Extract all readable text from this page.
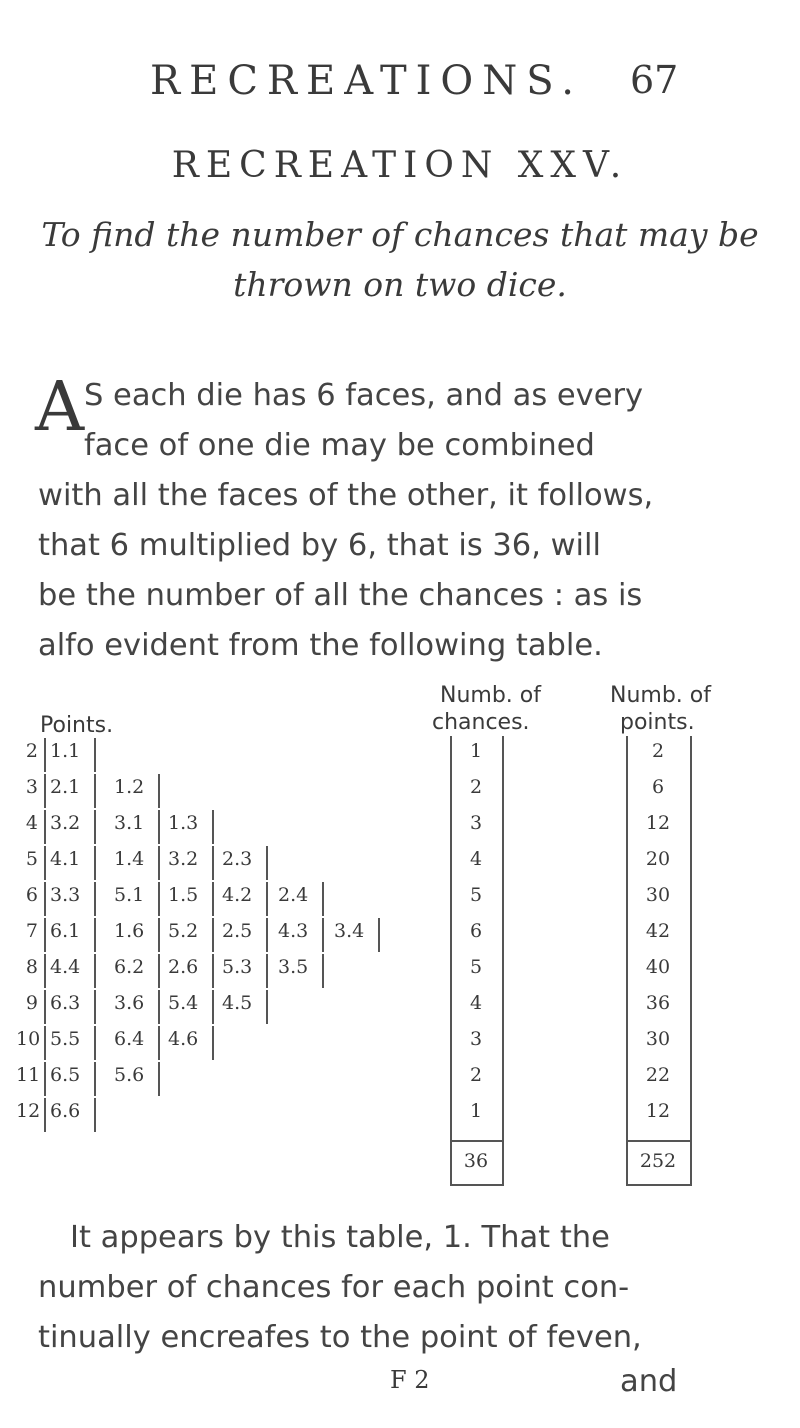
RECREATIONS. 67
RECREATION XXV.
To find the number of chances that may be thrown on two dice.
A S each die has 6 faces, and as every
face of one die may be combined
with all the faces of the other, it follows,
that 6 multiplied by 6, that is 36, will
be the number of all the chances : as is
alfo evident from the following table.
Points.
Numb. of
chances.
Numb. of
points.
2 1.1	1	2
3 2.1 1.2	2	6
4 3.2 3.1 1.3	3	12
5 4.1 1.4 3.2 2.3	4	20
6 3.3 5.1 1.5 4.2 2.4	5	30
7 6.1 1.6 5.2 2.5 4.3 3.4	6	42
8 4.4 6.2 2.6 5.3 3.5	5	40
9 6.3 3.6 5.4 4.5	4	36
10 5.5 6.4 4.6	3	30
11 6.5 5.6	2	22
12 6.6	1	12
36	252
It appears by this table, 1. That the
number of chances for each point con-
tinually encreafes to the point of feven,
F 2	and
